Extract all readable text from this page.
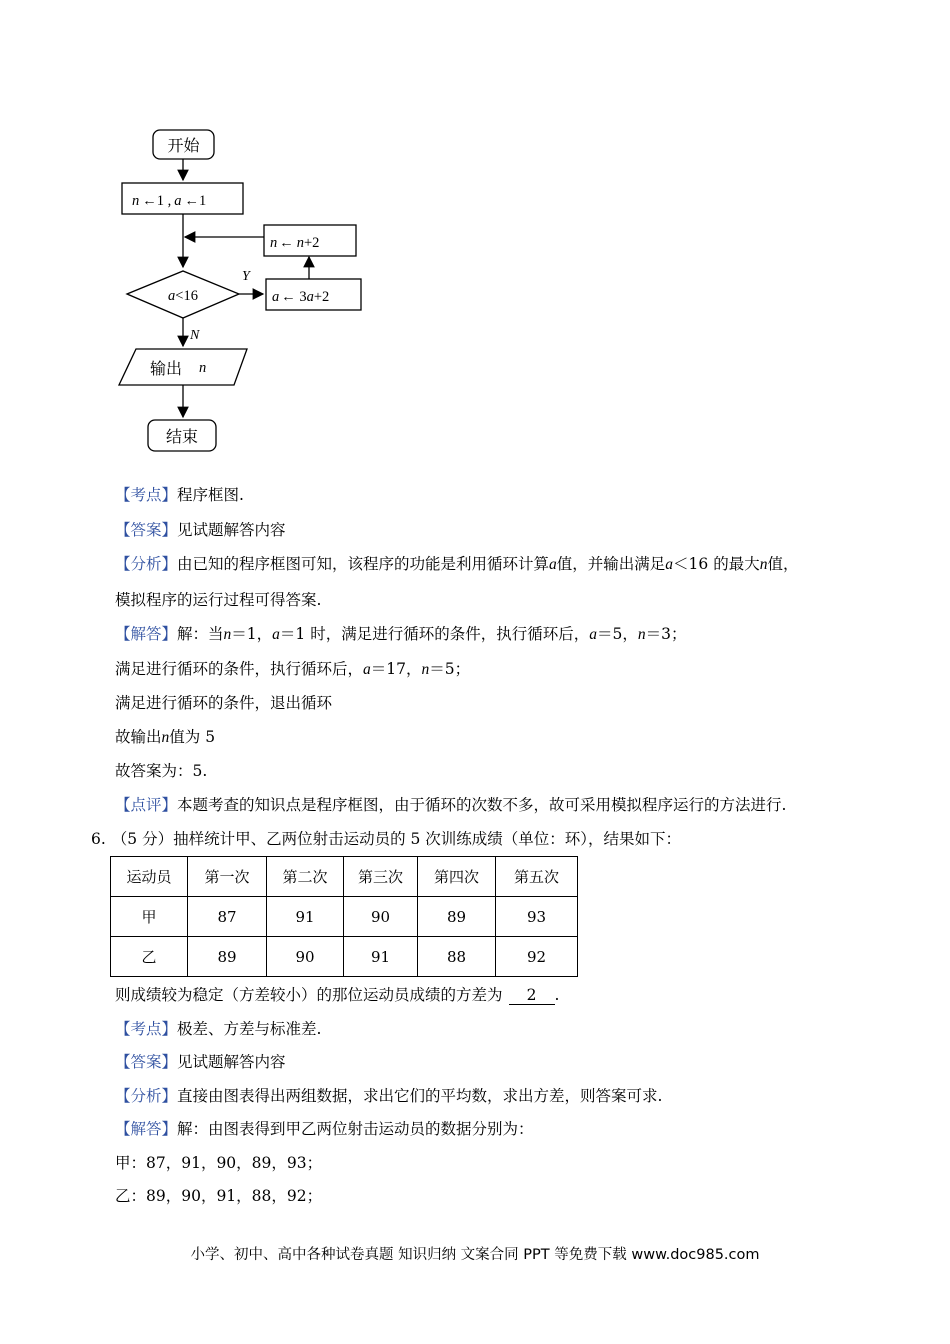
开始
n ←1 , a ←1
a<16
Y
a ← 3a+2
n ← n+2
N
输出 n
结束
【考点】程序框图.
【答案】见试题解答内容
【分析】由已知的程序框图可知，该程序的功能是利用循环计算a值，并输出满足a＜16 的最大n值，
模拟程序的运行过程可得答案.
【解答】解：当n＝1，a＝1 时，满足进行循环的条件，执行循环后，a＝5，n＝3；
满足进行循环的条件，执行循环后，a＝17，n＝5；
满足进行循环的条件，退出循环
故输出n值为 5
故答案为：5.
【点评】本题考查的知识点是程序框图，由于循环的次数不多，故可采用模拟程序运行的方法进行.
6. （5 分）抽样统计甲、乙两位射击运动员的 5 次训练成绩（单位：环），结果如下：
运动员	第一次	第二次	第三次	第四次	第五次
甲	87	91	90	89	93
乙	89	90	91	88	92
则成绩较为稳定（方差较小）的那位运动员成绩的方差为 2 .
【考点】极差、方差与标准差.
【答案】见试题解答内容
【分析】直接由图表得出两组数据，求出它们的平均数，求出方差，则答案可求.
【解答】解：由图表得到甲乙两位射击运动员的数据分别为：
甲：87，91，90，89，93；
乙：89，90，91，88，92；
小学、初中、高中各种试卷真题 知识归纳 文案合同 PPT 等免费下载 www.doc985.com
